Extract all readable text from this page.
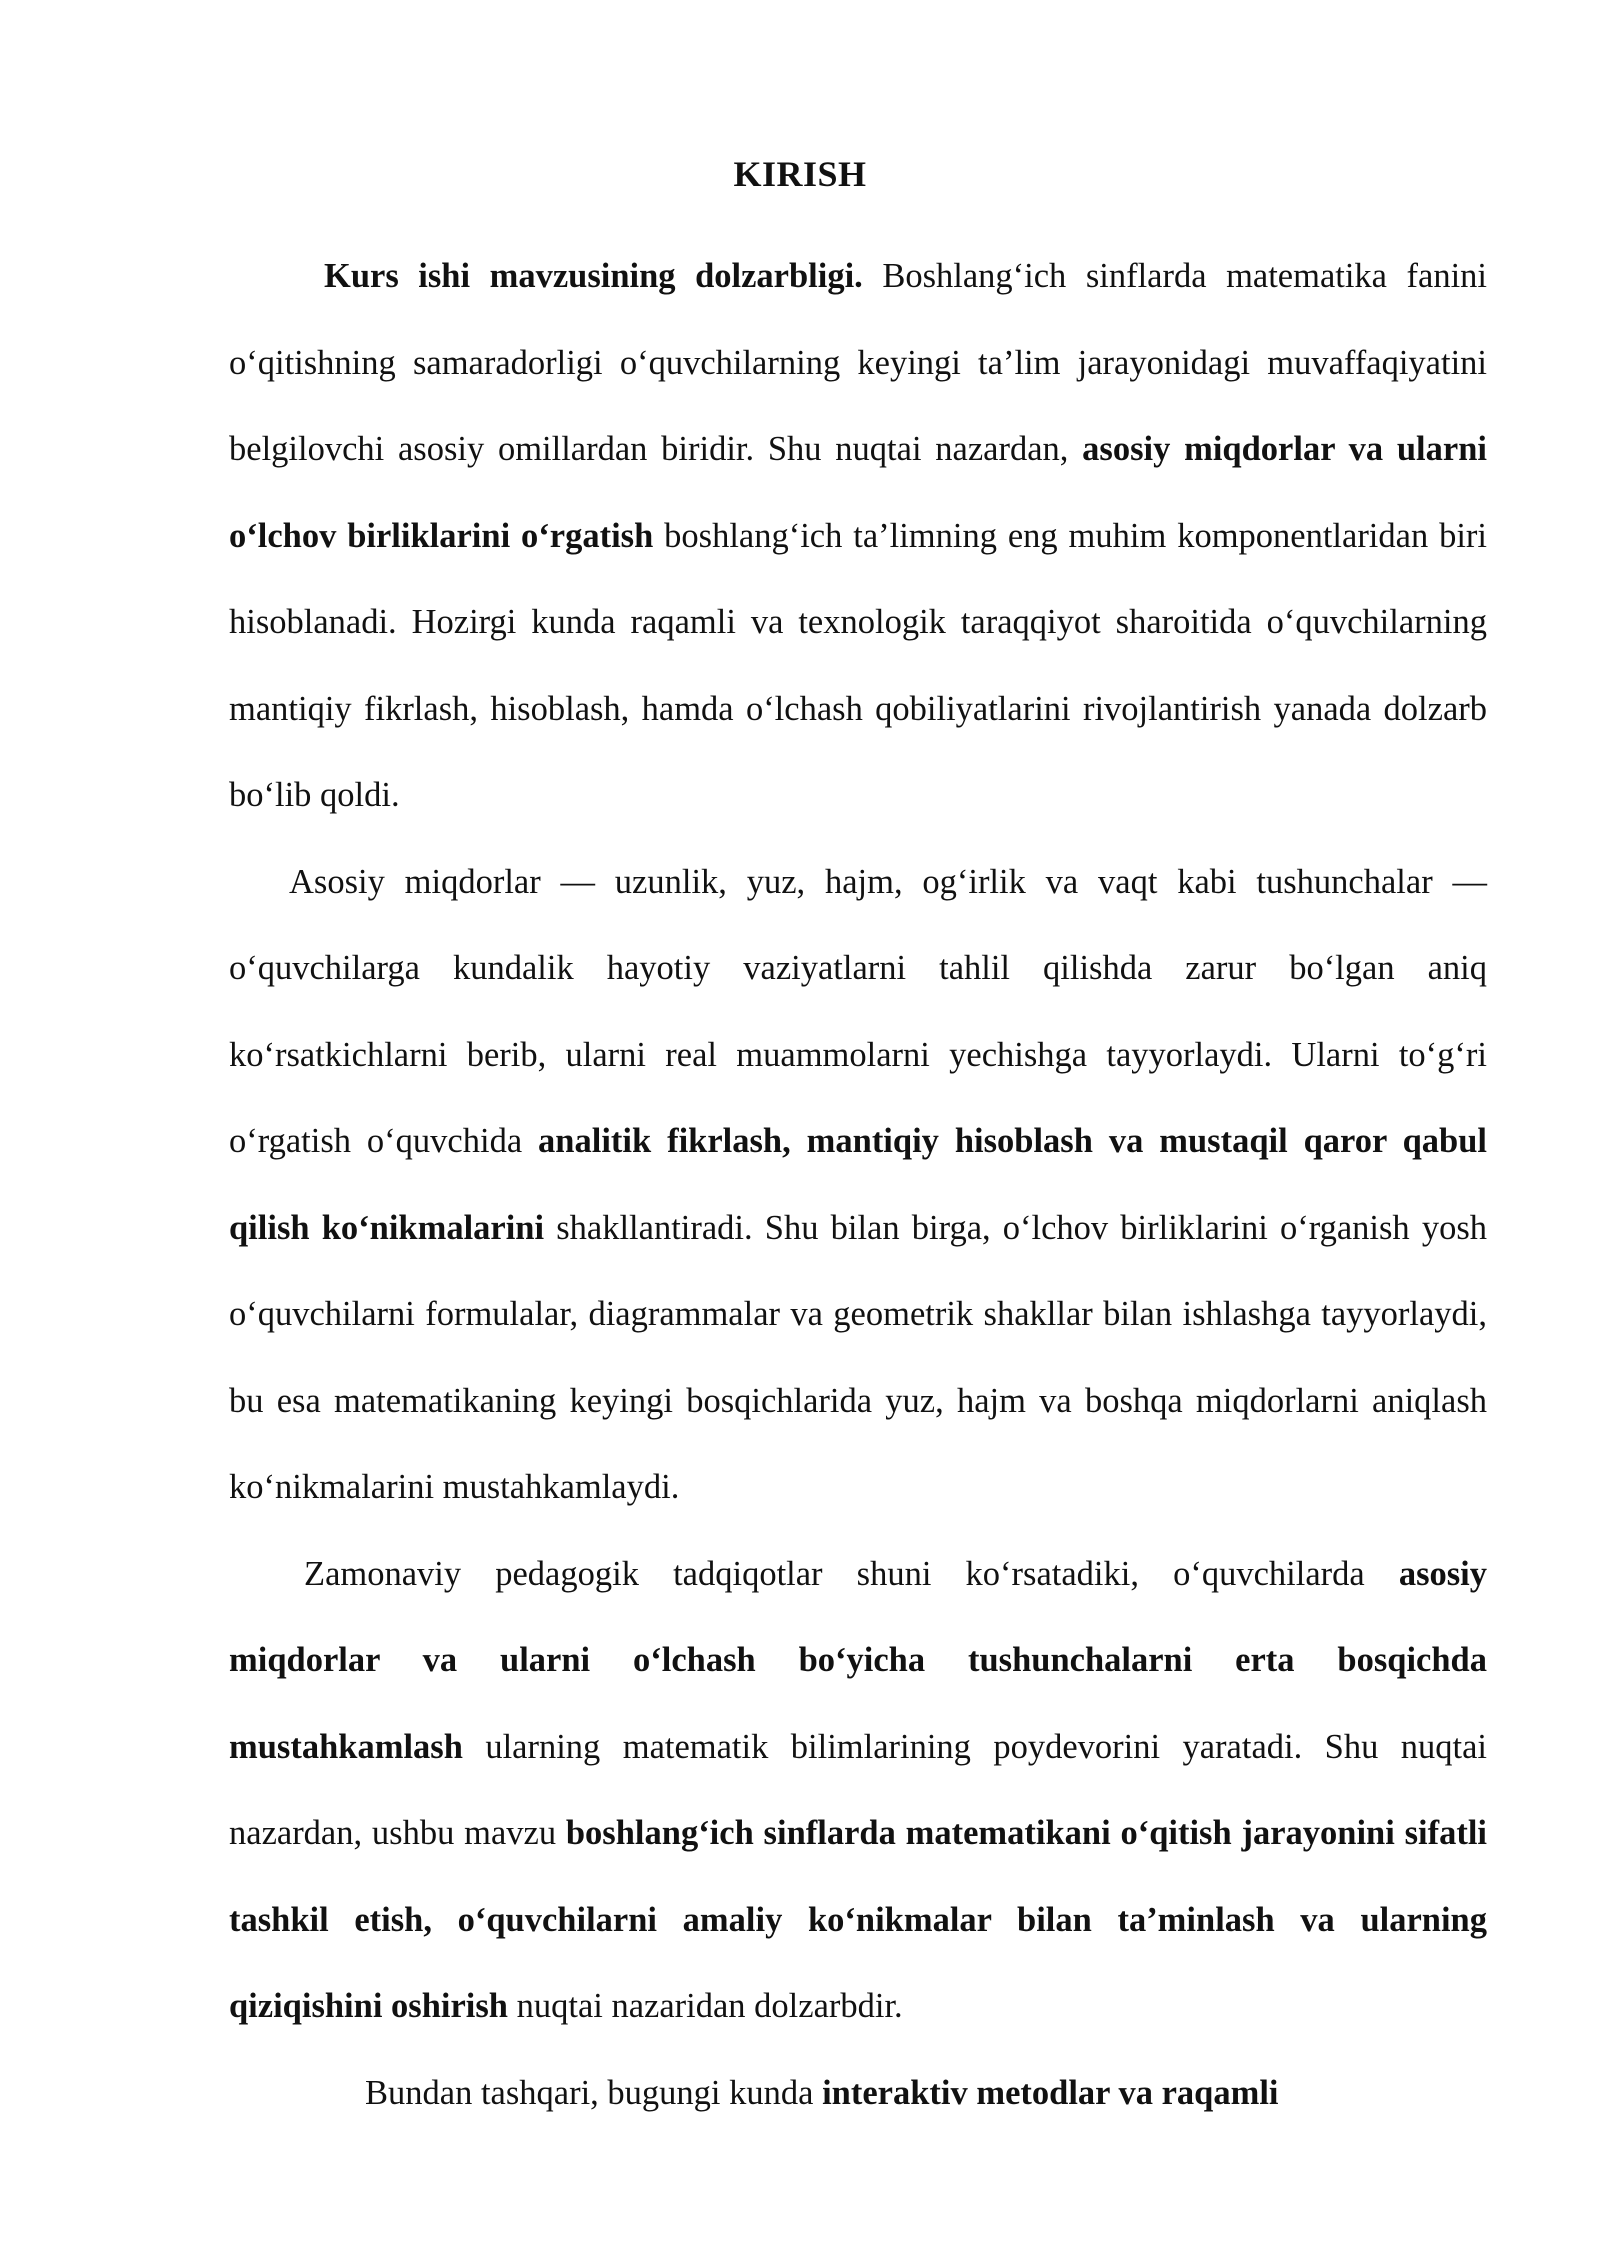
KIRISH

Kurs ishi mavzusining dolzarbligi. Boshlang‘ich sinflarda matematika fanini o‘qitishning samaradorligi o‘quvchilarning keyingi ta’lim jarayonidagi muvaffaqiyatini belgilovchi asosiy omillardan biridir. Shu nuqtai nazardan, asosiy miqdorlar va ularni o‘lchov birliklarini o‘rgatish boshlang‘ich ta’limning eng muhim komponentlaridan biri hisoblanadi. Hozirgi kunda raqamli va texnologik taraqqiyot sharoitida o‘quvchilarning mantiqiy fikrlash, hisoblash, hamda o‘lchash qobiliyatlarini rivojlantirish yanada dolzarb bo‘lib qoldi.

Asosiy miqdorlar — uzunlik, yuz, hajm, og‘irlik va vaqt kabi tushunchalar — o‘quvchilarga kundalik hayotiy vaziyatlarni tahlil qilishda zarur bo‘lgan aniq ko‘rsatkichlarni berib, ularni real muammolarni yechishga tayyorlaydi. Ularni to‘g‘ri o‘rgatish o‘quvchida analitik fikrlash, mantiqiy hisoblash va mustaqil qaror qabul qilish ko‘nikmalarini shakllantiradi. Shu bilan birga, o‘lchov birliklarini o‘rganish yosh o‘quvchilarni formulalar, diagrammalar va geometrik shakllar bilan ishlashga tayyorlaydi, bu esa matematikaning keyingi bosqichlarida yuz, hajm va boshqa miqdorlarni aniqlash ko‘nikmalarini mustahkamlaydi.

Zamonaviy pedagogik tadqiqotlar shuni ko‘rsatadiki, o‘quvchilarda asosiy miqdorlar va ularni o‘lchash bo‘yicha tushunchalarni erta bosqichda mustahkamlash ularning matematik bilimlarining poydevorini yaratadi. Shu nuqtai nazardan, ushbu mavzu boshlang‘ich sinflarda matematikani o‘qitish jarayonini sifatli tashkil etish, o‘quvchilarni amaliy ko‘nikmalar bilan ta’minlash va ularning qiziqishini oshirish nuqtai nazaridan dolzarbdir.

Bundan tashqari, bugungi kunda interaktiv metodlar va raqamli
